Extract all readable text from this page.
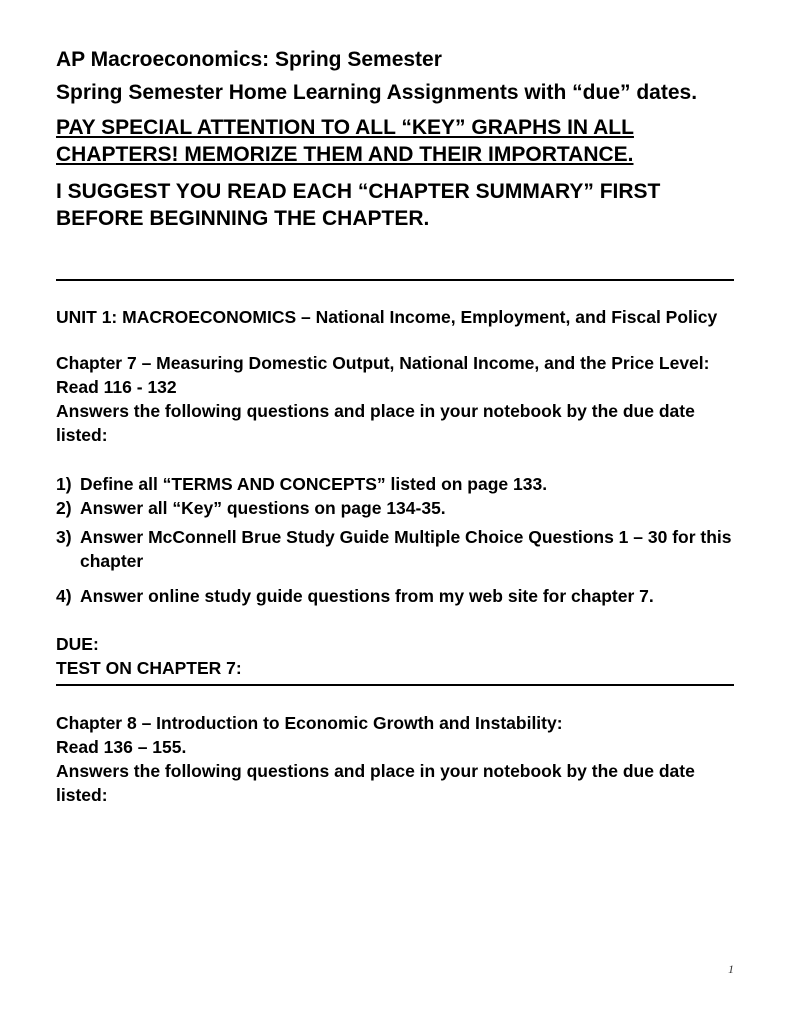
AP Macroeconomics: Spring Semester

Spring Semester Home Learning Assignments with “due” dates.

PAY SPECIAL ATTENTION TO ALL “KEY” GRAPHS IN ALL CHAPTERS! MEMORIZE THEM AND THEIR IMPORTANCE.

I SUGGEST YOU READ EACH “CHAPTER SUMMARY” FIRST BEFORE BEGINNING THE CHAPTER.

UNIT 1: MACROECONOMICS – National Income, Employment, and Fiscal Policy

Chapter 7 – Measuring Domestic Output, National Income, and the Price Level: Read 116 - 132

Answers the following questions and place in your notebook by the due date listed:

1) Define all “TERMS AND CONCEPTS” listed on page 133.
2) Answer all “Key” questions on page 134-35.
3) Answer McConnell Brue Study Guide Multiple Choice Questions 1 – 30 for this chapter
4) Answer online study guide questions from my web site for chapter 7.

DUE:

TEST ON CHAPTER 7:

Chapter 8 – Introduction to Economic Growth and Instability:

Read 136 – 155.

Answers the following questions and place in your notebook by the due date listed:

1
